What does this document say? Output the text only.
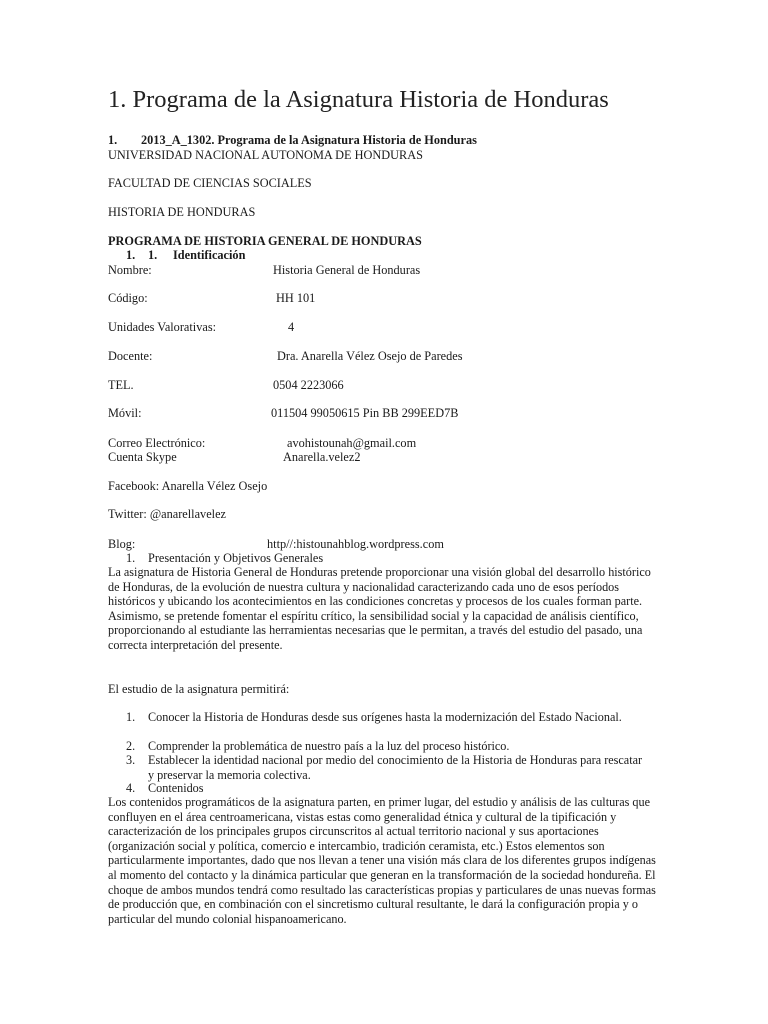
1. Programa de la Asignatura Historia de Honduras
1. 2013_A_1302. Programa de la Asignatura Historia de Honduras
UNIVERSIDAD NACIONAL AUTONOMA DE HONDURAS
FACULTAD DE CIENCIAS SOCIALES
HISTORIA DE HONDURAS
PROGRAMA DE HISTORIA GENERAL DE HONDURAS
1. 1. Identificación
Nombre:	Historia General de Honduras
Código:	HH 101
Unidades Valorativas:	4
Docente:	Dra. Anarella Vélez Osejo de Paredes
TEL.	0504 2223066
Móvil:	011504 99050615 Pin BB 299EED7B
Correo Electrónico:	avohistounah@gmail.com
Cuenta Skype	Anarella.velez2
Facebook: Anarella Vélez Osejo
Twitter: @anarellavelez
Blog:	http//:histounahblog.wordpress.com
1. Presentación y Objetivos Generales
La asignatura de Historia General de Honduras pretende proporcionar una visión global del desarrollo histórico de Honduras, de la evolución de nuestra cultura y nacionalidad caracterizando cada uno de esos períodos históricos y ubicando los acontecimientos en las condiciones concretas y procesos de los cuales forman parte. Asimismo, se pretende fomentar el espíritu crítico, la sensibilidad social y la capacidad de análisis científico, proporcionando al estudiante las herramientas necesarias que le permitan, a través del estudio del pasado, una correcta interpretación del presente.
El estudio de la asignatura permitirá:
1. Conocer la Historia de Honduras desde sus orígenes hasta la modernización del Estado Nacional.
2. Comprender la problemática de nuestro país a la luz del proceso histórico.
3. Establecer la identidad nacional por medio del conocimiento de la Historia de Honduras para rescatar y preservar la memoria colectiva.
4. Contenidos
Los contenidos programáticos de la asignatura parten, en primer lugar, del estudio y análisis de las culturas que confluyen en el área centroamericana, vistas estas como generalidad étnica y cultural de la tipificación y caracterización de los principales grupos circunscritos al actual territorio nacional y sus aportaciones (organización social y política, comercio e intercambio, tradición ceramista, etc.) Estos elementos son particularmente importantes, dado que nos llevan a tener una visión más clara de los diferentes grupos indígenas al momento del contacto y la dinámica particular que generan en la transformación de la sociedad hondureña. El choque de ambos mundos tendrá como resultado las características propias y particulares de unas nuevas formas de producción que, en combinación con el sincretismo cultural resultante, le dará la configuración propia y o particular del mundo colonial hispanoamericano.
